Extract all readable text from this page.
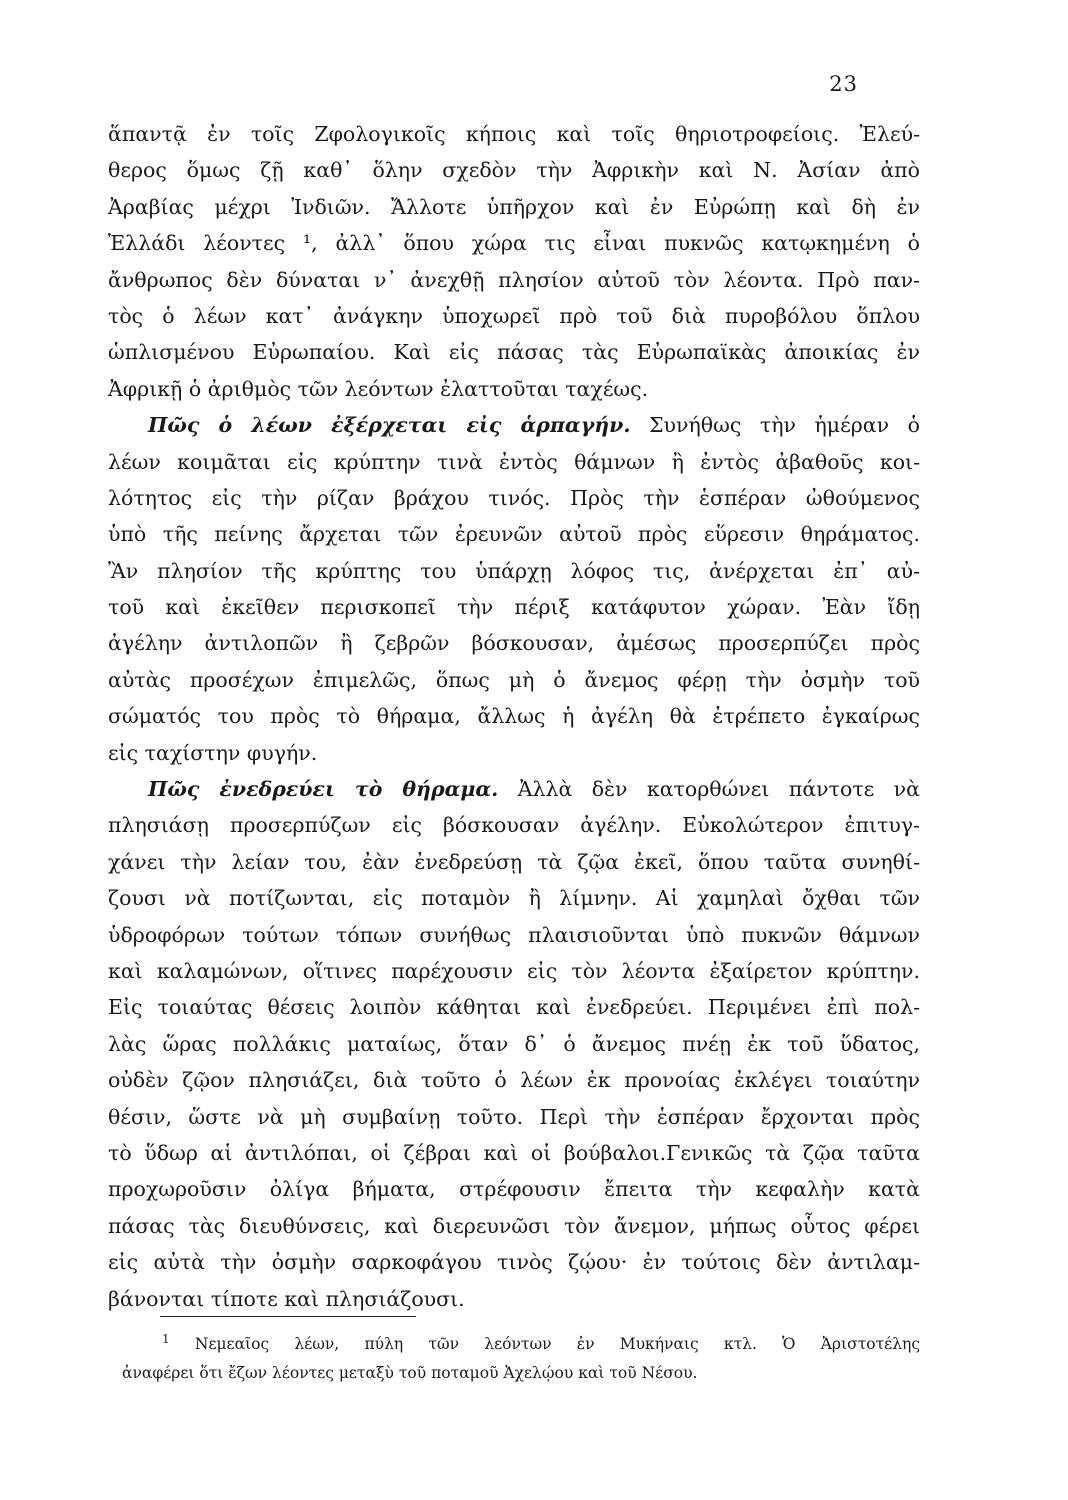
23
ἅπαντᾷ ἐν τοῖς Ζφολογικοῖς κήποις καὶ τοῖς θηριοτροφείοις. Ἐλεύ-
θερος ὅμως ζῇ καθ᾽ ὅλην σχεδὸν τὴν Ἀφρικὴν καὶ Ν. Ἀσίαν ἀπὸ
Ἀραβίας μέχρι Ἰνδιῶν. Ἄλλοτε ὑπῆρχον καὶ ἐν Εὐρώπῃ καὶ δὴ ἐν
Ἑλλάδι λέοντες ¹, ἀλλ᾽ ὅπου χώρα τις εἶναι πυκνῶς κατῳκημένη ὁ
ἄνθρωπος δὲν δύναται ν᾽ ἀνεχθῇ πλησίον αὐτοῦ τὸν λέοντα. Πρὸ παν-
τὸς ὁ λέων κατ᾽ ἀνάγκην ὑποχωρεῖ πρὸ τοῦ διὰ πυροβόλου ὅπλου
ὡπλισμένου Εὐρωπαίου. Καὶ εἰς πάσας τὰς Εὐρωπαϊκὰς ἀποικίας ἐν
Ἀφρικῇ ὁ ἀριθμὸς τῶν λεόντων ἐλαττοῦται ταχέως.
Πῶς ὁ λέων ἐξέρχεται εἰς ἁρπαγήν. Συνήθως τὴν ἡμέραν ὁ
λέων κοιμᾶται εἰς κρύπτην τινὰ ἐντὸς θάμνων ἢ ἐντὸς ἀβαθοῦς κοι-
λότητος εἰς τὴν ρίζαν βράχου τινός. Πρὸς τὴν ἑσπέραν ὠθούμενος
ὑπὸ τῆς πείνης ἄρχεται τῶν ἐρευνῶν αὐτοῦ πρὸς εὕρεσιν θηράματος.
Ἂν πλησίον τῆς κρύπτης του ὑπάρχῃ λόφος τις, ἀνέρχεται ἐπ᾽ αὐ-
τοῦ καὶ ἐκεῖθεν περισκοπεῖ τὴν πέριξ κατάφυτον χώραν. Ἐὰν ἴδῃ
ἀγέλην ἀντιλοπῶν ἢ ζεβρῶν βόσκουσαν, ἀμέσως προσερπύζει πρὸς
αὐτὰς προσέχων ἐπιμελῶς, ὅπως μὴ ὁ ἄνεμος φέρῃ τὴν ὀσμὴν τοῦ
σώματός του πρὸς τὸ θήραμα, ἄλλως ἡ ἀγέλη θὰ ἐτρέπετο ἐγκαίρως
εἰς ταχίστην φυγήν.
Πῶς ἐνεδρεύει τὸ θήραμα. Ἀλλὰ δὲν κατορθώνει πάντοτε νὰ
πλησιάσῃ προσερπύζων εἰς βόσκουσαν ἀγέλην. Εὐκολώτερον ἐπιτυγ-
χάνει τὴν λείαν του, ἐὰν ἐνεδρεύσῃ τὰ ζῷα ἐκεῖ, ὅπου ταῦτα συνηθί-
ζουσι νὰ ποτίζωνται, εἰς ποταμὸν ἢ λίμνην. Αἱ χαμηλαὶ ὄχθαι τῶν
ὑδροφόρων τούτων τόπων συνήθως πλαισιοῦνται ὑπὸ πυκνῶν θάμνων
καὶ καλαμώνων, οἵτινες παρέχουσιν εἰς τὸν λέοντα ἐξαίρετον κρύπτην.
Εἰς τοιαύτας θέσεις λοιπὸν κάθηται καὶ ἐνεδρεύει. Περιμένει ἐπὶ πολ-
λὰς ὥρας πολλάκις ματαίως, ὅταν δ᾽ ὁ ἄνεμος πνέῃ ἐκ τοῦ ὕδατος,
οὐδὲν ζῷον πλησιάζει, διὰ τοῦτο ὁ λέων ἐκ προνοίας ἐκλέγει τοιαύτην
θέσιν, ὥστε νὰ μὴ συμβαίνῃ τοῦτο. Περὶ τὴν ἑσπέραν ἔρχονται πρὸς
τὸ ὕδωρ αἱ ἀντιλόπαι, οἱ ζέβραι καὶ οἱ βούβαλοι.Γενικῶς τὰ ζῷα ταῦτα
προχωροῦσιν ὀλίγα βήματα, στρέφουσιν ἔπειτα τὴν κεφαλὴν κατὰ
πάσας τὰς διευθύνσεις, καὶ διερευνῶσι τὸν ἄνεμον, μήπως οὗτος φέρει
εἰς αὐτὰ τὴν ὀσμὴν σαρκοφάγου τινὸς ζῴου· ἐν τούτοις δὲν ἀντιλαμ-
βάνονται τίποτε καὶ πλησιάζουσι.
$^1$ Νεμεαῖος λέων, πύλη τῶν λεόντων ἐν Μυκήναις κτλ. Ὁ Ἀριστοτέλης
ἀναφέρει ὅτι ἔζων λέοντες μεταξὺ τοῦ ποταμοῦ Ἀχελῴου καὶ τοῦ Νέσου.
